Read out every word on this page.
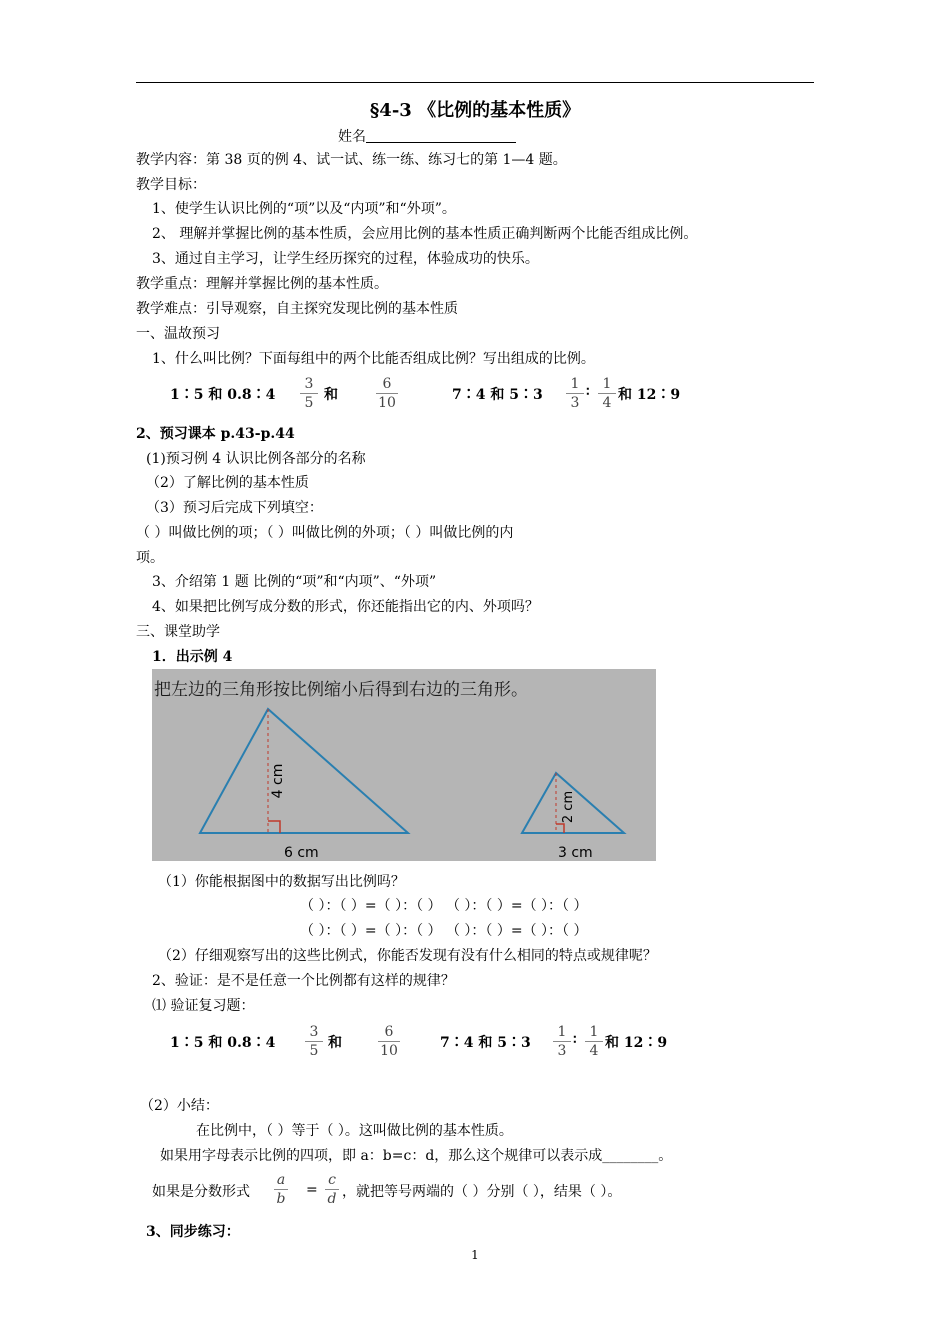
§4-3 《比例的基本性质》
姓名
教学内容：第 38 页的例 4、试一试、练一练、练习七的第 1—4 题。
教学目标：
1、使学生认识比例的“项”以及“内项”和“外项”。
2、 理解并掌握比例的基本性质，会应用比例的基本性质正确判断两个比能否组成比例。
3、通过自主学习，让学生经历探究的过程，体验成功的快乐。
教学重点：理解并掌握比例的基本性质。
教学难点：引导观察，自主探究发现比例的基本性质
一、温故预习
1、什么叫比例？下面每组中的两个比能否组成比例？写出组成的比例。
1∶5 和 0.8∶4
3
5 和
6
10	7∶4 和 5∶3
1
3
∶ 1
4 和 12∶9
2、预习课本 p.43-p.44
(1)预习例 4 认识比例各部分的名称
（2）了解比例的基本性质
（3）预习后完成下列填空：
（ ）叫做比例的项；（ ）叫做比例的外项；（ ）叫做比例的内
项。
3、介绍第 1 题 比例的“项”和“内项”、“外项”
4、如果把比例写成分数的形式，你还能指出它的内、外项吗？
三、课堂助学
1．出示例 4
把左边的三角形按比例缩小后得到右边的三角形。
6 cm
4 cm
3 cm
2 cm
（1）你能根据图中的数据写出比例吗？
（ ）：（ ）=（ ）：（ ） （ ）：（ ）=（ ）：（ ）
（ ）：（ ）=（ ）：（ ） （ ）：（ ）=（ ）：（ ）
（2）仔细观察写出的这些比例式，你能否发现有没有什么相同的特点或规律呢？
2、验证：是不是任意一个比例都有这样的规律？
⑴ 验证复习题：
1∶5 和 0.8∶4
3
5 和
6
10	7∶4 和 5∶3
1
3
∶ 1
4 和 12∶9
（2）小结：
在比例中，（ ）等于（ ）。这叫做比例的基本性质。
如果用字母表示比例的四项，即 a：b=c：d，那么这个规律可以表示成________。
如果是分数形式
a
b
=
c
d ，就把等号两端的（ ）分别（ ），结果（ ）。
3、同步练习：
1
